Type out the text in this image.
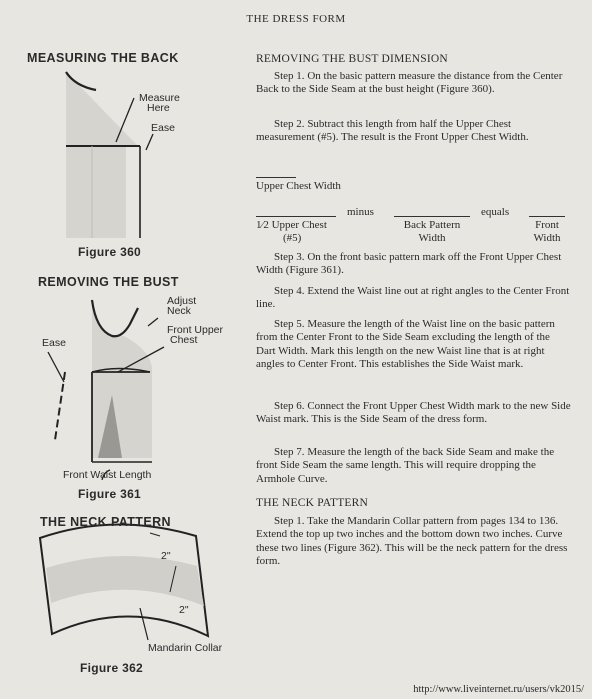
THE DRESS FORM
MEASURING THE BACK
Measure
Here
Ease
Figure 360
REMOVING THE BUST
Adjust
Neck
Front Upper
Chest
Ease
Front Waist Length
Figure 361
THE NECK PATTERN
2"
2"
Mandarin Collar
Figure 362
REMOVING THE BUST DIMENSION

Step 1. On the basic pattern measure the distance from the Center Back to the Side Seam at the bust height (Figure 360).

Step 2. Subtract this length from half the Upper Chest measurement (#5). The result is the Front Upper Chest Width.

Upper Chest Width
minus	equals
1⁄2 Upper Chest
(#5)
Back Pattern
Width
Front
Width

Step 3. On the front basic pattern mark off the Front Upper Chest Width (Figure 361).

Step 4. Extend the Waist line out at right angles to the Center Front line.

Step 5. Measure the length of the Waist line on the basic pattern from the Center Front to the Side Seam excluding the length of the Dart Width. Mark this length on the new Waist line that is at right angles to Center Front. This establishes the Side Waist mark.

Step 6. Connect the Front Upper Chest Width mark to the new Side Waist mark. This is the Side Seam of the dress form.

Step 7. Measure the length of the back Side Seam and make the front Side Seam the same length. This will require dropping the Armhole Curve.

THE NECK PATTERN

Step 1. Take the Mandarin Collar pattern from pages 134 to 136. Extend the top up two inches and the bottom down two inches. Curve these two lines (Figure 362). This will be the neck pattern for the dress form.

http://www.liveinternet.ru/users/vk2015/
